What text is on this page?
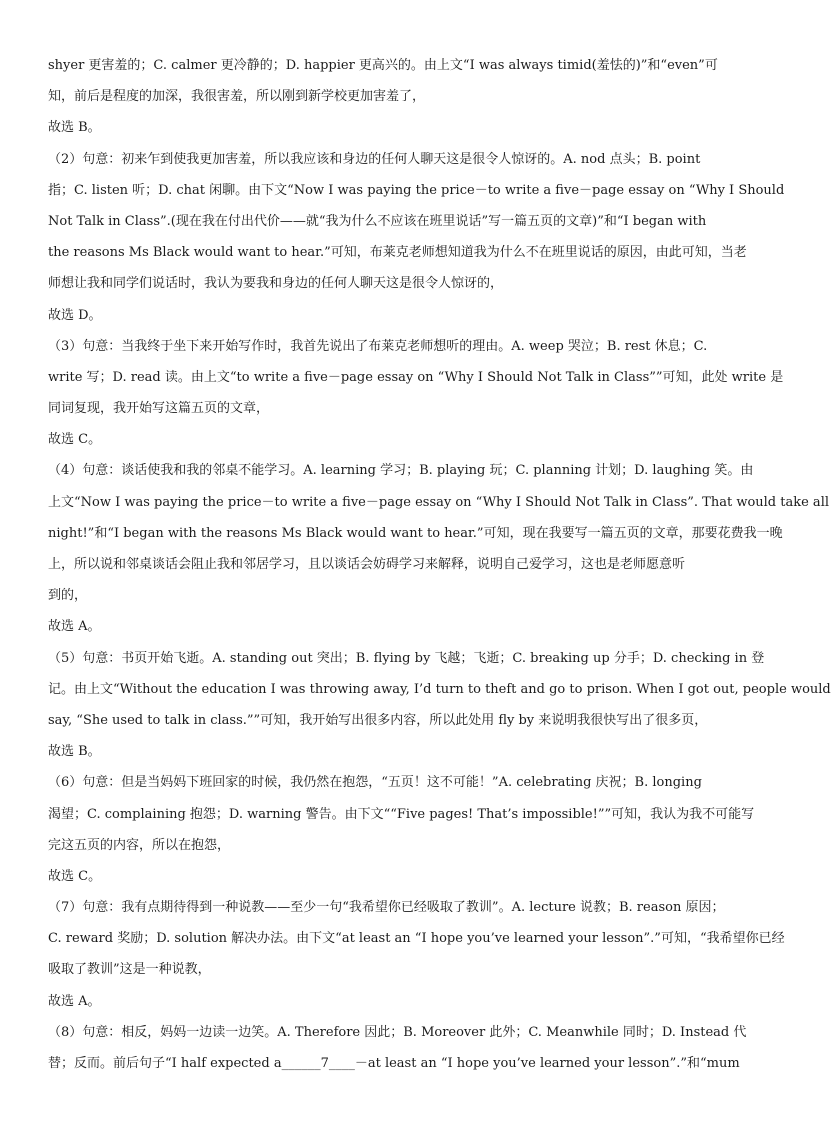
shyer 更害羞的；C. calmer 更冷静的；D. happier 更高兴的。由上文“I was always timid(羞怯的)”和“even”可
知，前后是程度的加深，我很害羞，所以刚到新学校更加害羞了，
故选 B。
（2）句意：初来乍到使我更加害羞，所以我应该和身边的任何人聊天这是很令人惊讶的。A. nod 点头；B. point
指；C. listen 听；D. chat 闲聊。由下文“Now I was paying the price－to write a five－page essay on “Why I Should
Not Talk in Class”.(现在我在付出代价——就“我为什么不应该在班里说话”写一篇五页的文章)”和“I began with
the reasons Ms Black would want to hear.”可知，布莱克老师想知道我为什么不在班里说话的原因，由此可知，当老
师想让我和同学们说话时，我认为要我和身边的任何人聊天这是很令人惊讶的，
故选 D。
（3）句意：当我终于坐下来开始写作时，我首先说出了布莱克老师想听的理由。A. weep 哭泣；B. rest 休息；C.
write 写；D. read 读。由上文“to write a five－page essay on “Why I Should Not Talk in Class””可知，此处 write 是
同词复现，我开始写这篇五页的文章，
故选 C。
（4）句意：谈话使我和我的邻桌不能学习。A. learning 学习；B. playing 玩；C. planning 计划；D. laughing 笑。由
上文“Now I was paying the price－to write a five－page essay on “Why I Should Not Talk in Class”. That would take all
night!”和“I began with the reasons Ms Black would want to hear.”可知，现在我要写一篇五页的文章，那要花费我一晚
上，所以说和邻桌谈话会阻止我和邻居学习，且以谈话会妨碍学习来解释，说明自己爱学习，这也是老师愿意听
到的，
故选 A。
（5）句意：书页开始飞逝。A. standing out 突出；B. flying by 飞越；飞逝；C. breaking up 分手；D. checking in 登
记。由上文“Without the education I was throwing away, I’d turn to theft and go to prison. When I got out, people would
say, “She used to talk in class.””可知，我开始写出很多内容，所以此处用 fly by 来说明我很快写出了很多页，
故选 B。
（6）句意：但是当妈妈下班回家的时候，我仍然在抱怨，“五页！这不可能！”A. celebrating 庆祝；B. longing
渴望；C. complaining 抱怨；D. warning 警告。由下文““Five pages! That’s impossible!””可知，我认为我不可能写
完这五页的内容，所以在抱怨，
故选 C。
（7）句意：我有点期待得到一种说教——至少一句“我希望你已经吸取了教训”。A. lecture 说教；B. reason 原因；
C. reward 奖励；D. solution 解决办法。由下文“at least an “I hope you’ve learned your lesson”.”可知，“我希望你已经
吸取了教训”这是一种说教，
故选 A。
（8）句意：相反，妈妈一边读一边笑。A. Therefore 因此；B. Moreover 此外；C. Meanwhile 同时；D. Instead 代
替；反而。前后句子“I half expected a______7____－at least an “I hope you’ve learned your lesson”.”和“mum
